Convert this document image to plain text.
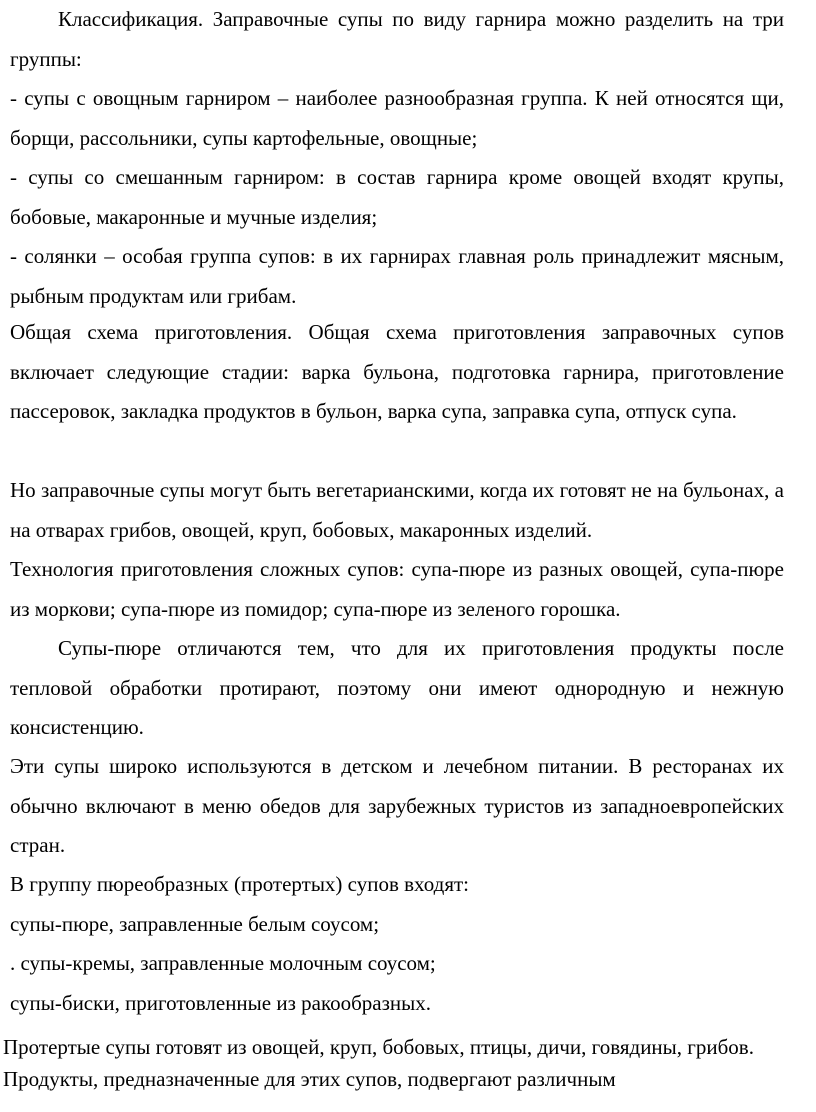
Классификация. Заправочные супы по виду гарнира можно разделить на три группы:

- супы с овощным гарниром – наиболее разнообразная группа. К ней относятся щи, борщи, рассольники, супы картофельные, овощные;

- супы со смешанным гарниром: в состав гарнира кроме овощей входят крупы, бобовые, макаронные и мучные изделия;

- солянки – особая группа супов: в их гарнирах главная роль принадлежит мясным, рыбным продуктам или грибам.

Общая схема приготовления. Общая схема приготовления заправочных супов включает следующие стадии: варка бульона, подготовка гарнира, приготовление пассеровок, закладка продуктов в бульон, варка супа, заправка супа, отпуск супа.

Но заправочные супы могут быть вегетарианскими, когда их готовят не на бульонах, а на отварах грибов, овощей, круп, бобовых, макаронных изделий.

Технология приготовления сложных супов: супа-пюре из разных овощей, супа-пюре из моркови; супа-пюре из помидор; супа-пюре из зеленого горошка.

Супы-пюре отличаются тем, что для их приготовления продукты после тепловой обработки протирают, поэтому они имеют однородную и нежную консистенцию.

Эти супы широко используются в детском и лечебном питании. В ресторанах их обычно включают в меню обедов для зарубежных туристов из западноевропейских стран.

В группу пюреобразных (протертых) супов входят:

супы-пюре, заправленные белым соусом;

. супы-кремы, заправленные молочным соусом;

супы-биски, приготовленные из ракообразных.

Протертые супы готовят из овощей, круп, бобовых, птицы, дичи, говядины, грибов. Продукты, предназначенные для этих супов, подвергают различным
